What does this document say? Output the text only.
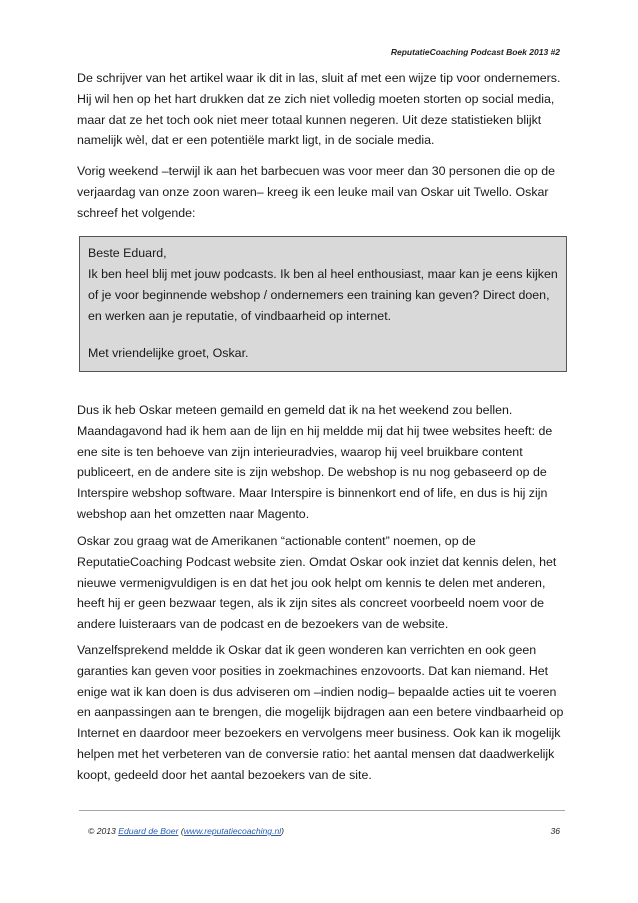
ReputatieCoaching Podcast Boek 2013 #2

De schrijver van het artikel waar ik dit in las, sluit af met een wijze tip voor ondernemers. Hij wil hen op het hart drukken dat ze zich niet volledig moeten storten op social media, maar dat ze het toch ook niet meer totaal kunnen negeren. Uit deze statistieken blijkt namelijk wèl, dat er een potentiële markt ligt, in de sociale media.

Vorig weekend –terwijl ik aan het barbecuen was voor meer dan 30 personen die op de verjaardag van onze zoon waren– kreeg ik een leuke mail van Oskar uit Twello. Oskar schreef het volgende:

Beste Eduard,

Ik ben heel blij met jouw podcasts. Ik ben al heel enthousiast, maar kan je eens kijken of je voor beginnende webshop / ondernemers een training kan geven? Direct doen, en werken aan je reputatie, of vindbaarheid op internet.

Met vriendelijke groet, Oskar.

Dus ik heb Oskar meteen gemaild en gemeld dat ik na het weekend zou bellen. Maandagavond had ik hem aan de lijn en hij meldde mij dat hij twee websites heeft: de ene site is ten behoeve van zijn interieuradvies, waarop hij veel bruikbare content publiceert, en de andere site is zijn webshop. De webshop is nu nog gebaseerd op de Interspire webshop software. Maar Interspire is binnenkort end of life, en dus is hij zijn webshop aan het omzetten naar Magento.

Oskar zou graag wat de Amerikanen “actionable content” noemen, op de ReputatieCoaching Podcast website zien. Omdat Oskar ook inziet dat kennis delen, het nieuwe vermenigvuldigen is en dat het jou ook helpt om kennis te delen met anderen, heeft hij er geen bezwaar tegen, als ik zijn sites als concreet voorbeeld noem voor de andere luisteraars van de podcast en de bezoekers van de website.

Vanzelfsprekend meldde ik Oskar dat ik geen wonderen kan verrichten en ook geen garanties kan geven voor posities in zoekmachines enzovoorts. Dat kan niemand. Het enige wat ik kan doen is dus adviseren om –indien nodig– bepaalde acties uit te voeren en aanpassingen aan te brengen, die mogelijk bijdragen aan een betere vindbaarheid op Internet en daardoor meer bezoekers en vervolgens meer business. Ook kan ik mogelijk helpen met het verbeteren van de conversie ratio: het aantal mensen dat daadwerkelijk koopt, gedeeld door het aantal bezoekers van de site.

© 2013 Eduard de Boer (www.reputatiecoaching.nl)	36
